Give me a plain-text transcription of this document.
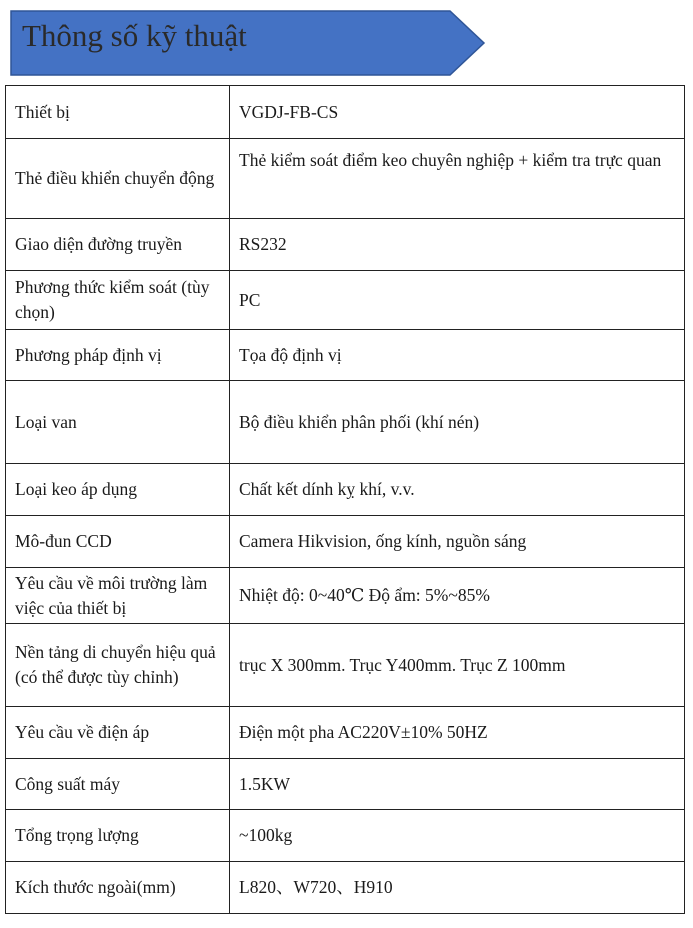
Thông số kỹ thuật
Thiết bị	VGDJ-FB-CS
Thẻ điều khiển chuyển động	Thẻ kiểm soát điểm keo chuyên nghiệp + kiểm tra trực quan
Giao diện đường truyền	RS232
Phương thức kiểm soát (tùy chọn)	PC
Phương pháp định vị	Tọa độ định vị
Loại van	Bộ điều khiển phân phối (khí nén)
Loại keo áp dụng	Chất kết dính kỵ khí, v.v.
Mô-đun CCD	Camera Hikvision, ống kính, nguồn sáng
Yêu cầu về môi trường làm việc của thiết bị	Nhiệt độ: 0~40℃ Độ ẩm: 5%~85%
Nền tảng di chuyển hiệu quả (có thể được tùy chỉnh)	trục X 300mm. Trục Y400mm. Trục Z 100mm
Yêu cầu về điện áp	Điện một pha AC220V±10% 50HZ
Công suất máy	1.5KW
Tổng trọng lượng	~100kg
Kích thước ngoài(mm)	L820、W720、H910
